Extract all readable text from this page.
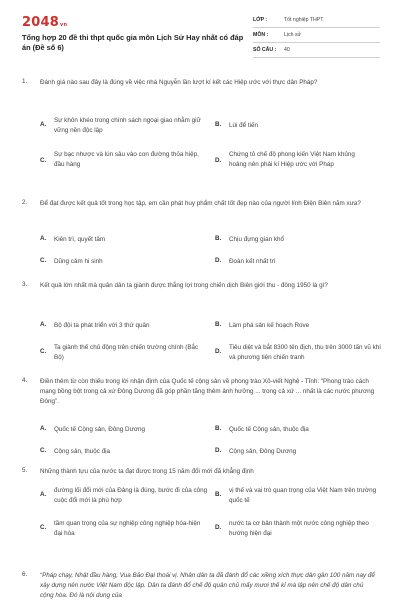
2048vn
Tổng hợp 20 đề thi thpt quốc gia môn Lịch Sử Hay nhất có đáp án (Đề số 6)
LỚP :	Tốt nghiệp THPT
MÔN :	Lịch sử
SỐ CÂU :	40
1. Đánh giá nào sau đây là đúng về việc nhà Nguyễn lần lượt kí kết các Hiệp ước với thực dân Pháp?
A.
Sự khôn khéo trong chính sách ngoại giao nhằm giữ vững nền độc lập
B. Lùi để tiến
C.
Sự bạc nhược và lún sâu vào con đường thỏa hiệp, đầu hàng
D.
Chứng tỏ chế độ phong kiến Việt Nam khủng hoảng nên phải kí Hiệp ước với Pháp
2. Để đạt được kết quả tốt trong học tập, em cần phát huy phẩm chất tốt đẹp nào của người lính Điện Biên năm xưa?
A. Kiên trì, quyết tâm	B. Chịu đựng gian khổ
C. Dũng cảm hi sinh	D. Đoàn kết nhất trí
3. Kết quả lớn nhất mà quân dân ta giành được thắng lợi trong chiến dịch Biên giới thu - đông 1950 là gì?
A. Bộ đội ta phát triển với 3 thứ quân	B. Làm phá sản kế hoạch Rove
C.
Ta giành thế chủ động trên chiến trường chính (Bắc Bộ)
D.
Tiêu diệt và bắt 8300 tên địch, thu trên 3000 tấn vũ khí và phương tiện chiến tranh
4. Điền thêm từ còn thiếu trong lời nhận định của Quốc tế cộng sản về phong trào Xô-viết Nghệ - Tĩnh: “Phong trào cách mạng bồng bột trong cả xứ Đông Dương đã góp phần tăng thêm ảnh hưởng ... trong cả xứ ... nhất là các nước phương Đông”.
A. Quốc tế Cộng sản, Đông Dương	B. Quốc tế Cộng sản, thuộc địa
C. Cộng sản, thuộc địa	D. Cộng sản, Đông Dương
5. Những thành tựu của nước ta đạt được trong 15 năm đổi mới đã khẳng định
A.
đường lối đổi mới của Đảng là đúng, bước đi của công cuộc đổi mới là phù hợp
B.
vị thế và vai trò quan trọng của Việt Nam trên trường quốc tế
C.
tầm quan trọng của sự nghiệp công nghiệp hóa-hiện đại hóa
D.
nước ta cơ bản thành một nước công nghiệp theo hướng hiện đại
6. “Pháp chạy, Nhật đầu hàng, Vua Bảo Đại thoái vị. Nhân dân ta đã đánh đổ các xiềng xích thực dân gần 100 năm nay để xây dựng nên nước Việt Nam độc lập. Dân ta đánh đổ chế độ quân chủ mấy mươi thế kỉ mà lập nên chế độ dân chủ cộng hòa. Đó là nội dung của
